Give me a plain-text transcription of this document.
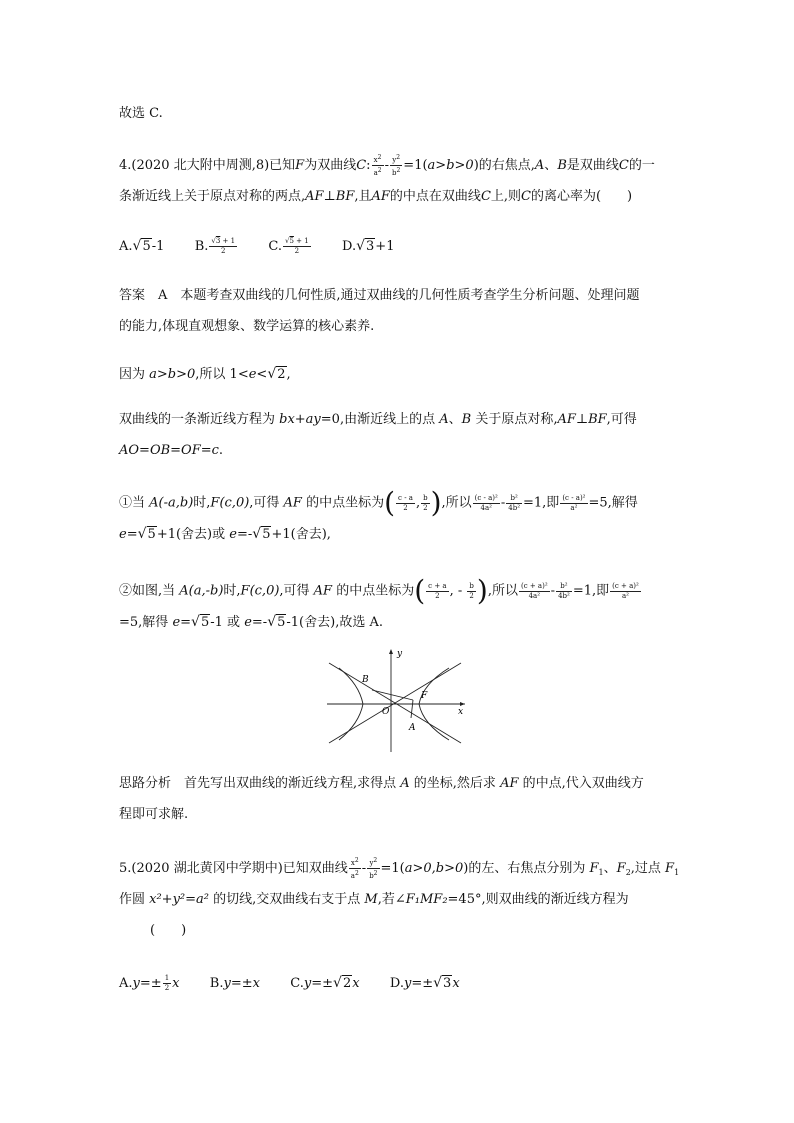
故选 C.
4.(2020 北大附中周测,8)已知F为双曲线C: $\frac{x2}{a2} - \frac{y2}{b2} =1(a>b>0)$的右焦点,A、B是双曲线C的一
条渐近线上关于原点对称的两点,AF⊥BF,且AF的中点在双曲线C上,则C的离心率为(　　)
A.√5-1 B. $\frac{√3 + 1}{2} C$. $\frac{√5 + 1}{2} D.√3+1$
答案　A　本题考查双曲线的几何性质,通过双曲线的几何性质考查学生分析问题、处理问题
的能力,体现直观想象、数学运算的核心素养.
因为 a>b>0,所以 1<e<√2,
双曲线的一条渐近线方程为 bx+ay=0,由渐近线上的点 A、B 关于原点对称,AF⊥BF,可得
AO=OB=OF=c.
①当 A(-a,b)时,F(c,0),可得 AF 的中点坐标为( $\frac{c - a}{2}$ , $\frac{b}{2}$ ),所以 $\frac{\text{(c - a)²}}{\text{4a²}} - \frac{\text{b²}}{\text{4b²}} =1$,即 $\frac{\text{(c - a)²}}{\text{a²}} =5$,解得
e=√5+1(舍去)或 e=-√5+1(舍去),
②如图,当 A(a,-b)时,F(c,0),可得 AF 的中点坐标为( $\frac{c + a}{2}$ , - $\frac{b}{2}$ ),所以 $\frac{\text{(c + a)²}}{\text{4a²}} - \frac{\text{b²}}{\text{4b²}} =1$,即 $\frac{\text{(c + a)²}}{\text{a²}}$
=5,解得 e=√5-1 或 e=-√5-1(舍去),故选 A.
y
x
B
O
F
A
思路分析　首先写出双曲线的渐近线方程,求得点 A 的坐标,然后求 AF 的中点,代入双曲线方
程即可求解.
5.(2020 湖北黄冈中学期中)已知双曲线 $\frac{x2}{a2} - \frac{y2}{b2} =1(a>0,b>0)$的左、右焦点分别为 $F_1$、$F_2$,过点 $F_1$
作圆 x²+y²=a² 的切线,交双曲线右支于点 M,若∠F₁MF₂=45°,则双曲线的渐近线方程为
(　　)
$A.y=\pm \frac{1}{2}$ x B.y=±x C.y=±√2x D.y=±√3x
